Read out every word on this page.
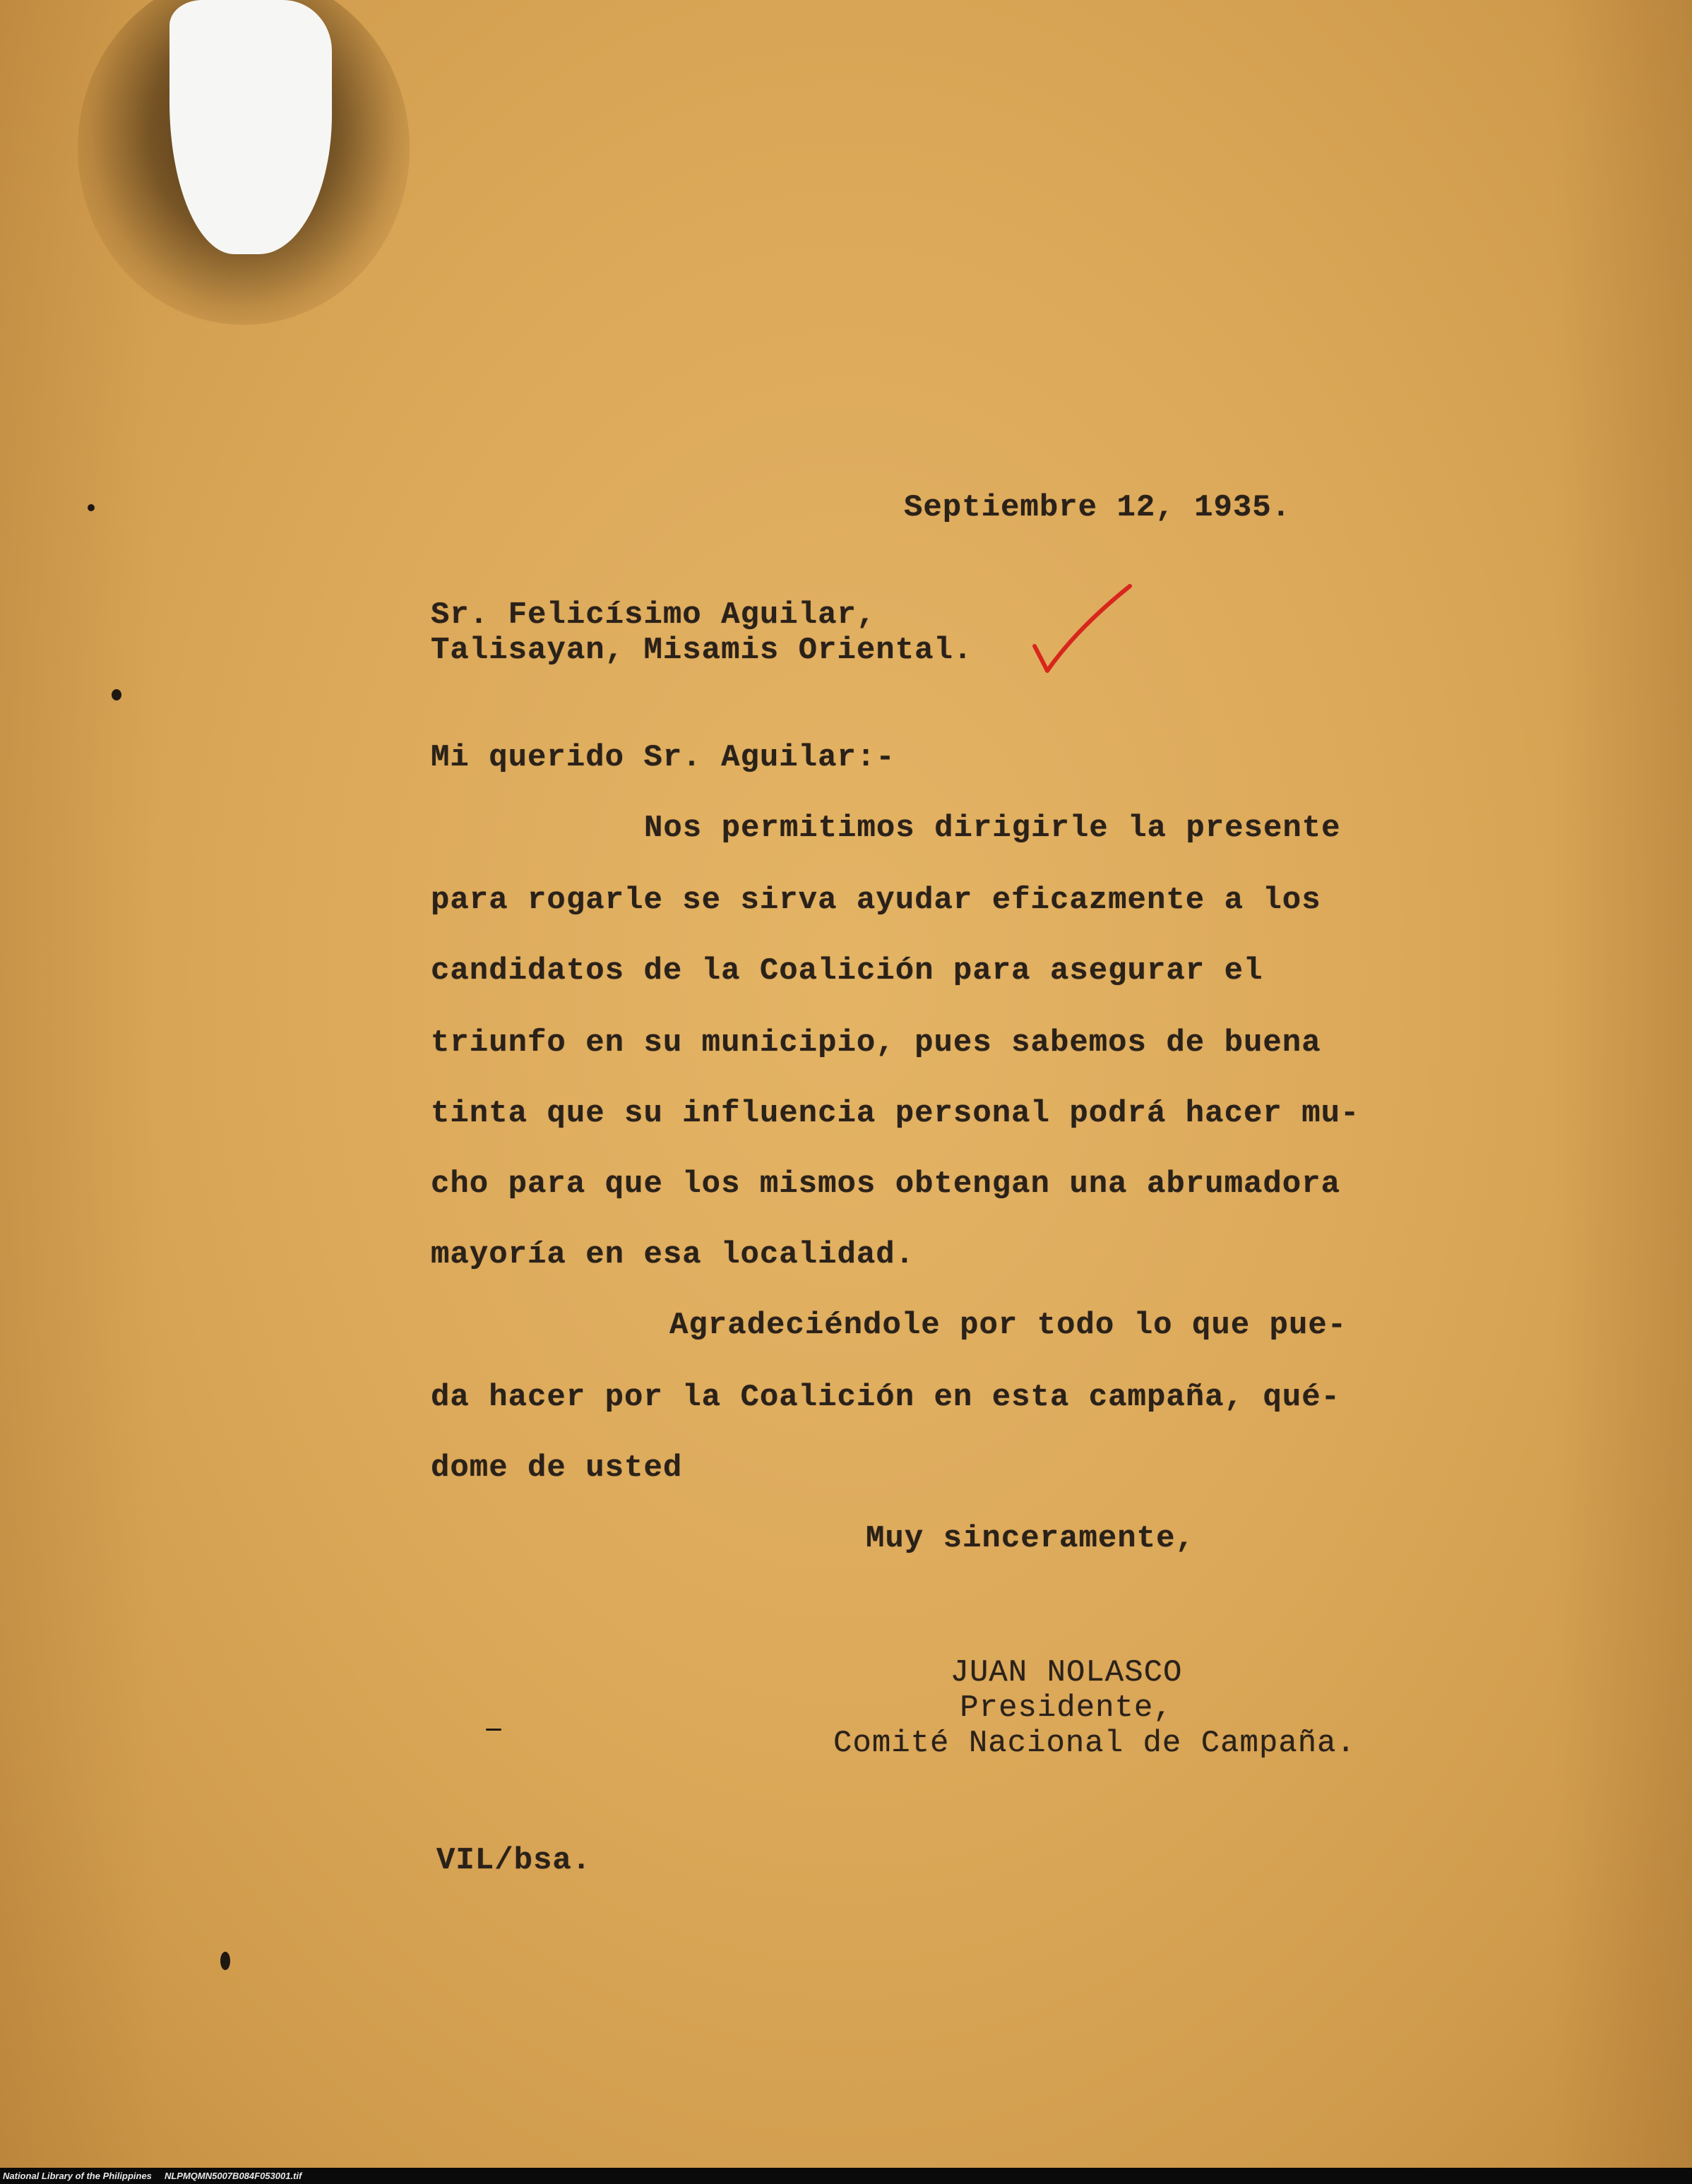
Septiembre 12, 1935.
Sr. Felicísimo Aguilar,
Talisayan, Misamis Oriental.
Mi querido Sr. Aguilar:-
Nos permitimos dirigirle la presente
para rogarle se sirva ayudar eficazmente a los
candidatos de la Coalición para asegurar el
triunfo en su municipio, pues sabemos de buena
tinta que su influencia personal podrá hacer mu-
cho para que los mismos obtengan una abrumadora
mayoría en esa localidad.
Agradeciéndole por todo lo que pue-
da hacer por la Coalición en esta campaña, qué-
dome de usted
Muy sinceramente,
JUAN NOLASCO
Presidente,
Comité Nacional de Campaña.
VIL/bsa.
National Library of the Philippines     NLPMQMN5007B084F053001.tif
